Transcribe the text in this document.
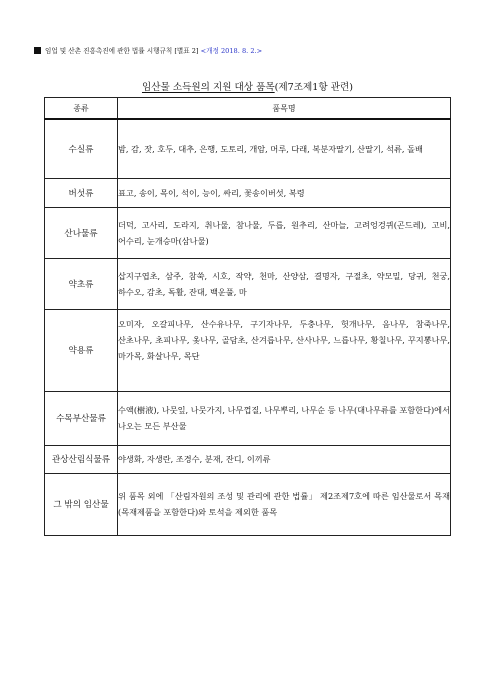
임업 및 산촌 진흥촉진에 관한 법률 시행규칙 [별표 2] <개정 2018. 8. 2.>
임산물 소득원의 지원 대상 품목(제7조제1항 관련)
종류	품목명
수실류	밤, 감, 잣, 호두, 대추, 은행, 도토리, 개암, 머루, 다래, 복분자딸기, 산딸기, 석류, 돌배
버섯류	표고, 송이, 목이, 석이, 능이, 싸리, 꽃송이버섯, 복령
산나물류	더덕, 고사리, 도라지, 취나물, 참나물, 두릅, 원추리, 산마늘, 고려엉겅퀴(곤드레), 고비, 어수리, 눈개승마(삼나물)
약초류	삽지구엽초, 삼주, 참쑥, 시호, 작약, 천마, 산양삼, 결명자, 구절초, 약모밀, 당귀, 천궁, 하수오, 감초, 독활, 잔대, 백운풀, 마
약용류	오미자, 오갈피나무, 산수유나무, 구기자나무, 두충나무, 헛개나무, 음나무, 참죽나무, 산초나무, 초피나무, 옻나무, 골담초, 산겨릅나무, 산사나무, 느릅나무, 황칠나무, 꾸지뽕나무, 마가목, 화살나무, 목단
수목부산물류	수액(樹液), 나뭇잎, 나뭇가지, 나무껍질, 나무뿌리, 나무순 등 나무(대나무류를 포함한다)에서 나오는 모든 부산물
관상산림식물류	야생화, 자생란, 조경수, 분재, 잔디, 이끼류
그 밖의 임산물	위 품목 외에 「산림자원의 조성 및 관리에 관한 법률」 제2조제7호에 따른 임산물로서 목재(목재제품을 포함한다)와 토석을 제외한 품목
